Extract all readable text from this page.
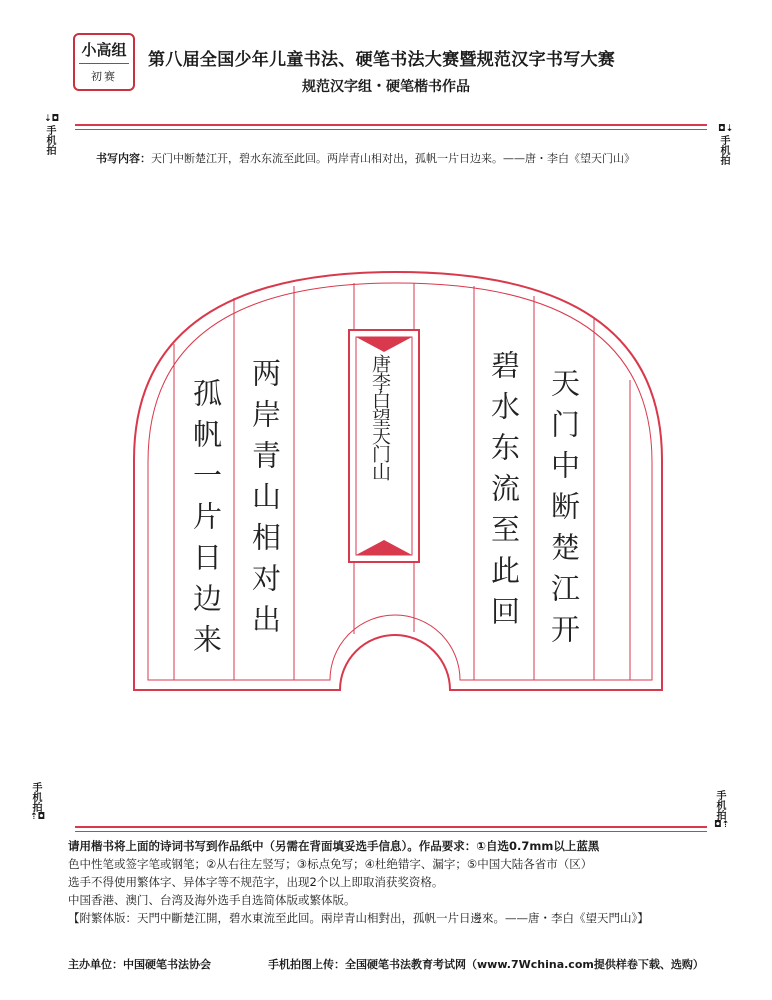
小高组
初赛
第八届全国少年儿童书法、硬笔书法大赛暨规范汉字书写大赛
规范汉字组・硬笔楷书作品
⇣◘
手机拍	◘⇣
手机拍
手机拍
⇡◘	手机拍
◘⇡
书写内容：天门中断楚江开，碧水东流至此回。两岸青山相对出，孤帆一片日边来。——唐・李白《望天门山》
天门中断楚江开
碧水东流至此回
两岸青山相对出
孤帆一片日边来	唐李白望天门山
请用楷书将上面的诗词书写到作品纸中（另需在背面填妥选手信息）。作品要求：①自选0.7mm以上蓝黑
色中性笔或签字笔或钢笔；②从右往左竖写；③标点免写；④杜绝错字、漏字；⑤中国大陆各省市（区）
选手不得使用繁体字、异体字等不规范字，出现2个以上即取消获奖资格。
中国香港、澳门、台湾及海外选手自选简体版或繁体版。
【附繁体版：天門中斷楚江開，碧水東流至此回。兩岸青山相對出，孤帆一片日邊來。——唐・李白《望天門山》】
主办单位：中国硬笔书法协会	手机拍图上传：全国硬笔书法教育考试网（www.7Wchina.com提供样卷下载、选购）
